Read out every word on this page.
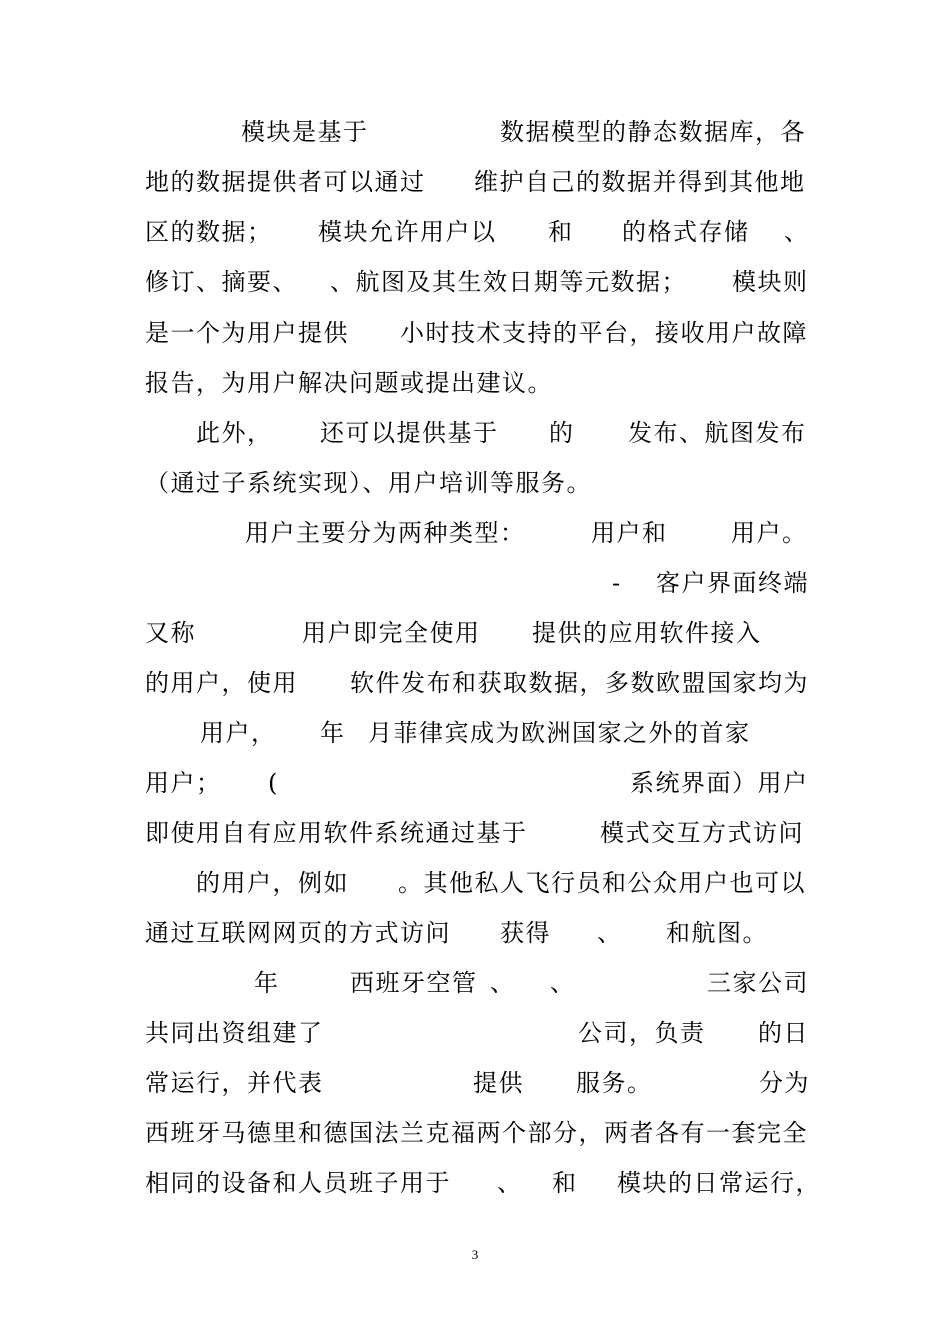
模块是基于

	数据模型的静态数据库，各

地的数据提供者可以通过

维护自己的数据并得到其他地

区的数据；

模块允许用户以

和

的格式存储

、

修订、摘要、

、航图及其生效日期等元数据；

模块则

是一个为用户提供

小时技术支持的平台，接收用户故障

报告，为用户解决问题或提出建议。

此外，

还可以提供基于

的

发布、航图发布

（通过子系统实现）、用户培训等服务。

用户主要分为两种类型：

	用户和

	用户。

-

客户界面终端

又称

	用户即完全使用

提供的应用软件接入

的用户，使用

软件发布和获取数据，多数欧盟国家均为

用户，

年

月菲律宾成为欧洲国家之外的首家

用户；

(

	系统界面）用户

即使用自有应用软件系统通过基于

	模式交互方式访问

的用户，例如

。其他私人飞行员和公众用户也可以

通过互联网网页的方式访问

获得

、

和航图。

年

	西班牙空管

、

、

	三家公司

共同出资组建了

	公司，负责

的日

常运行，并代表

	提供

服务。

	分为

西班牙马德里和德国法兰克福两个部分，两者各有一套完全

相同的设备和人员班子用于

、

和

模块的日常运行，

3
